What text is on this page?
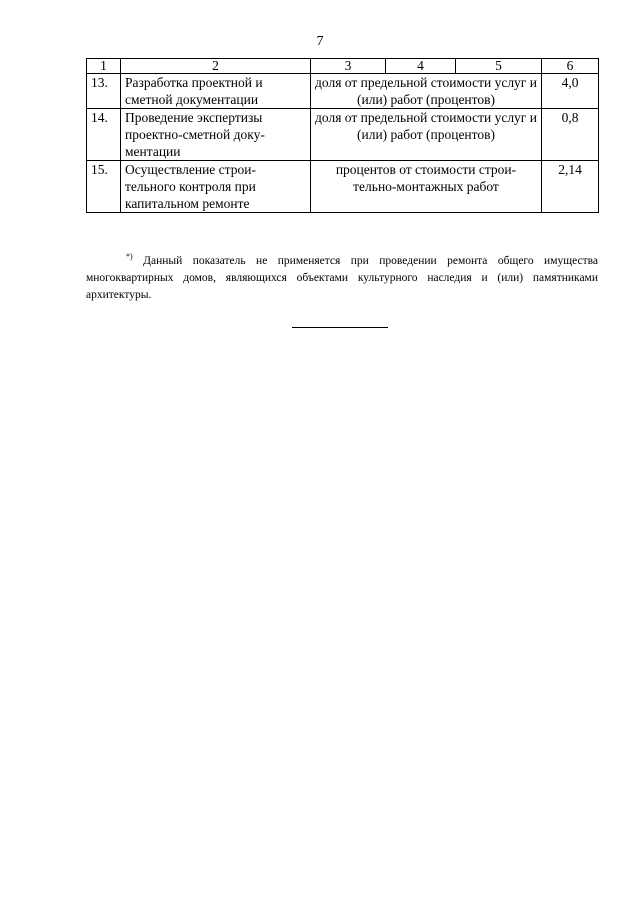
7
1	2	3	4	5	6
13.	Разработка проектной и сметной документации	доля от предельной стоимости услуг и (или) работ (процентов)			4,0
14.	Проведение экспертизы проектно-сметной доку- ментации	доля от предельной стоимости услуг и (или) работ (процентов)			0,8
15.	Осуществление строи- тельного контроля при капитальном ремонте	процентов от стоимости строи- тельно-монтажных работ			2,14
*) Данный показатель не применяется при проведении ремонта общего имущества многоквартирных домов, являющихся объектами культурного наследия и (или) памятниками архитектуры.
